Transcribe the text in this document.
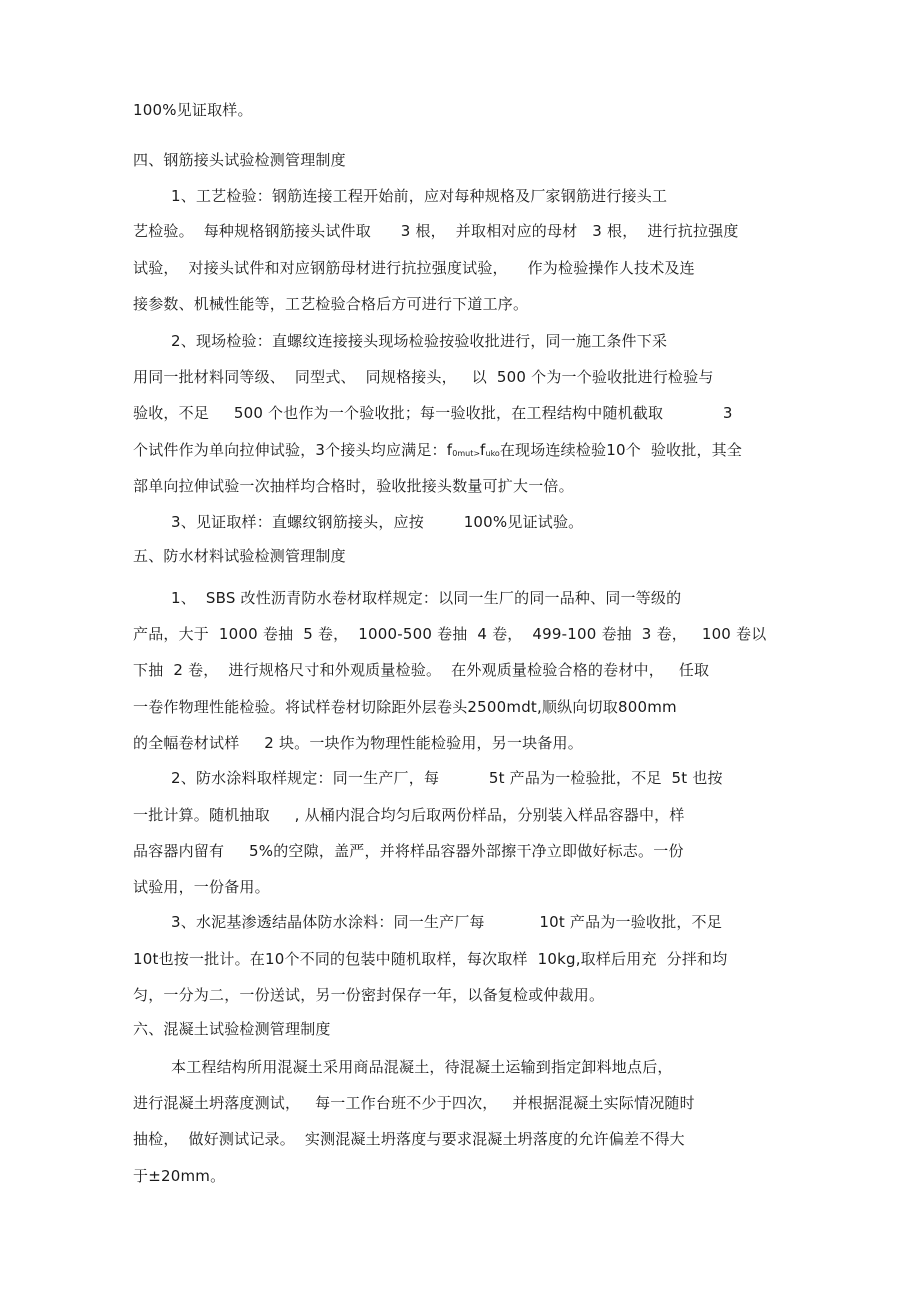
100%见证取样。
四、钢筋接头试验检测管理制度
1、工艺检验：钢筋连接工程开始前，应对每种规格及厂家钢筋进行接头工
艺检验。  每种规格钢筋接头试件取      3 根，  并取相对应的母材   3 根，  进行抗拉强度
试验，  对接头试件和对应钢筋母材进行抗拉强度试验，    作为检验操作人技术及连
接参数、机械性能等，工艺检验合格后方可进行下道工序。
2、现场检验：直螺纹连接接头现场检验按验收批进行，同一施工条件下采
用同一批材料同等级、  同型式、  同规格接头，   以  500 个为一个验收批进行检验与
验收，不足     500 个也作为一个验收批；每一验收批，在工程结构中随机截取            3
个试件作为单向拉伸试验，3个接头均应满足：$f_{0mut>}f_{uko}$在现场连续检验10个  验收批，其全
部单向拉伸试验一次抽样均合格时，验收批接头数量可扩大一倍。
3、见证取样：直螺纹钢筋接头，应按        100%见证试验。
五、防水材料试验检测管理制度
1、  SBS 改性沥青防水卷材取样规定：以同一生厂的同一品种、同一等级的
产品，大于  1000 卷抽  5 卷，  1000-500 卷抽  4 卷，  499-100 卷抽  3 卷，   100 卷以
下抽  2 卷，  进行规格尺寸和外观质量检验。  在外观质量检验合格的卷材中，   任取
一卷作物理性能检验。将试样卷材切除距外层卷头2500mdt,顺纵向切取800mm
的全幅卷材试样     2 块。一块作为物理性能检验用，另一块备用。
2、防水涂料取样规定：同一生产厂，每          5t 产品为一检验批，不足  5t 也按
一批计算。随机抽取     , 从桶内混合均匀后取两份样品，分别装入样品容器中，样
品容器内留有     5%的空隙，盖严，并将样品容器外部擦干净立即做好标志。一份
试验用，一份备用。
3、水泥基渗透结晶体防水涂料：同一生产厂每           10t 产品为一验收批，不足
10t也按一批计。在10个不同的包装中随机取样，每次取样  10kg,取样后用充  分拌和均
匀，一分为二，一份送试，另一份密封保存一年，以备复检或仲裁用。
六、混凝土试验检测管理制度
本工程结构所用混凝土采用商品混凝土，待混凝土运输到指定卸料地点后，
进行混凝土坍落度测试，   每一工作台班不少于四次，   并根据混凝土实际情况随时
抽检，  做好测试记录。  实测混凝土坍落度与要求混凝土坍落度的允许偏差不得大
于±20mm。
